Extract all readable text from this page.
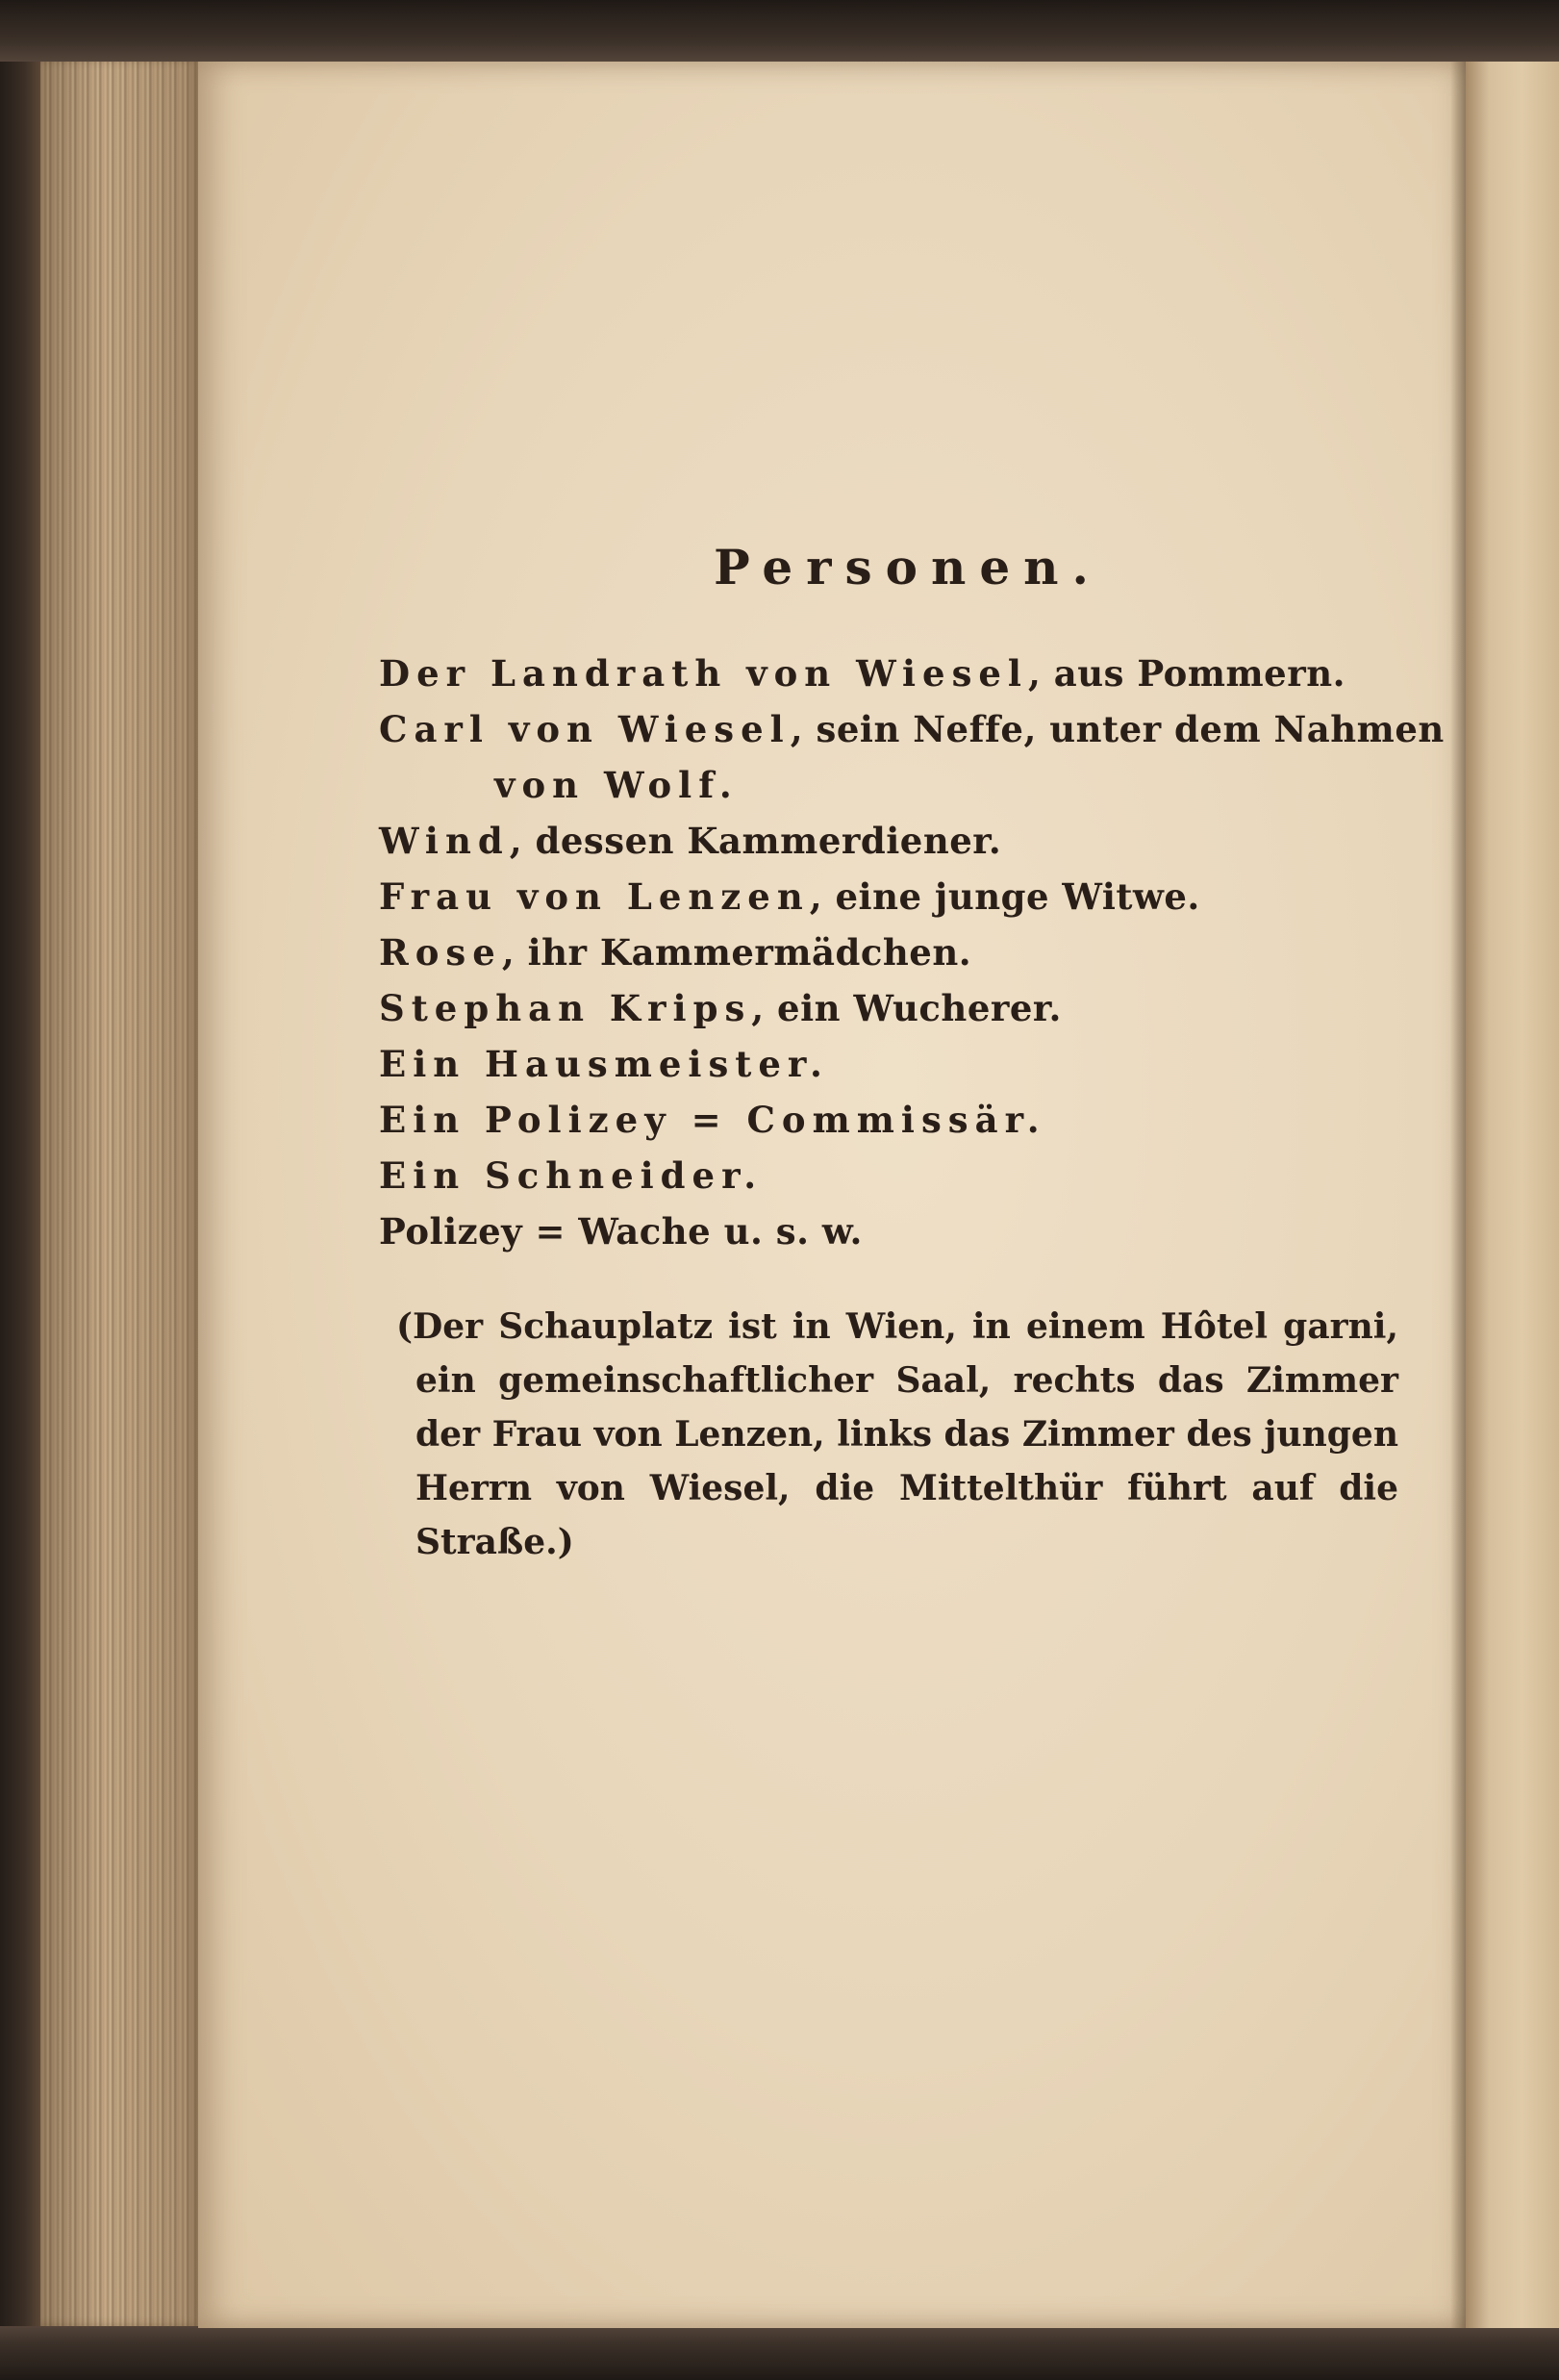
Personen.
Der Landrath von Wiesel, aus Pommern.
Carl von Wiesel, sein Neffe, unter dem Nahmen
von Wolf.
Wind, dessen Kammerdiener.
Frau von Lenzen, eine junge Witwe.
Rose, ihr Kammermädchen.
Stephan Krips, ein Wucherer.
Ein Hausmeister.
Ein Polizey = Commissär.
Ein Schneider.
Polizey = Wache u. s. w.
(Der Schauplatz ist in Wien, in einem Hôtel garni, ein gemeinschaftlicher Saal, rechts das Zimmer der Frau von Lenzen, links das Zimmer des jungen Herrn von Wiesel, die Mittelthür führt auf die Straße.)
